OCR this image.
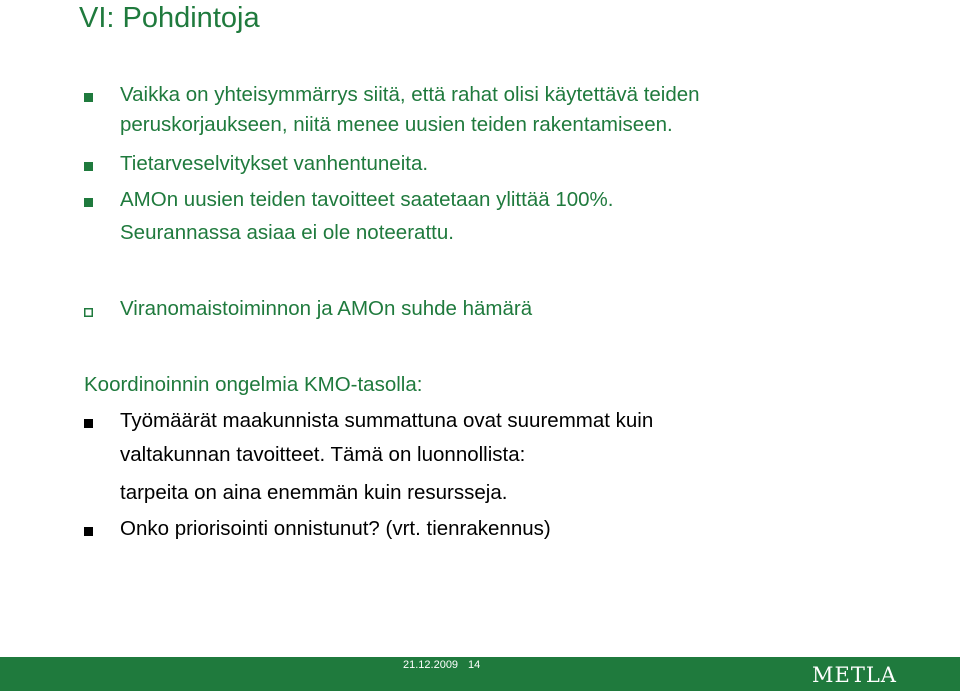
VI: Pohdintoja
Vaikka on yhteisymmärrys siitä, että rahat olisi käytettävä teiden
peruskorjaukseen, niitä menee uusien teiden rakentamiseen.
Tietarveselvitykset vanhentuneita.
AMOn uusien teiden tavoitteet saatetaan ylittää 100%.
Seurannassa asiaa ei ole noteerattu.
Viranomaistoiminnon ja AMOn suhde hämärä
Koordinoinnin ongelmia KMO-tasolla:
Työmäärät maakunnista summattuna ovat suuremmat kuin
valtakunnan tavoitteet. Tämä on luonnollista:
tarpeita on aina enemmän kuin resursseja.
Onko priorisointi onnistunut? (vrt. tienrakennus)
21.12.2009 14	METLA
